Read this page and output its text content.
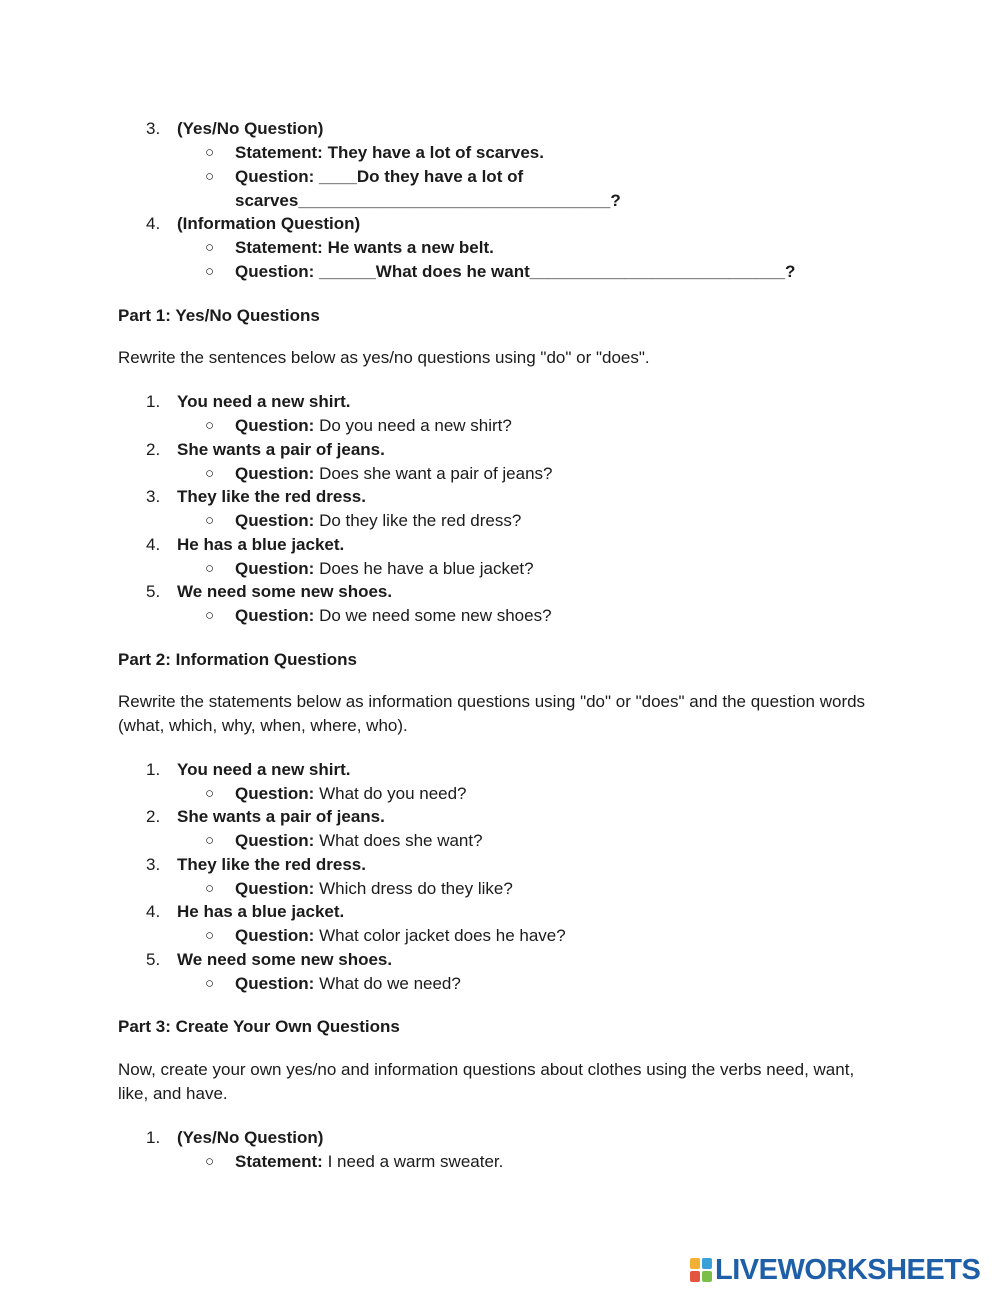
3. (Yes/No Question)
○ Statement: They have a lot of scarves.
○ Question: ____Do they have a lot of
scarves_________________________________?
4. (Information Question)
○ Statement: He wants a new belt.
○ Question: ______What does he want___________________________?
Part 1: Yes/No Questions
Rewrite the sentences below as yes/no questions using "do" or "does".
1. You need a new shirt.
○ Question: Do you need a new shirt?
2. She wants a pair of jeans.
○ Question: Does she want a pair of jeans?
3. They like the red dress.
○ Question: Do they like the red dress?
4. He has a blue jacket.
○ Question: Does he have a blue jacket?
5. We need some new shoes.
○ Question: Do we need some new shoes?
Part 2: Information Questions
Rewrite the statements below as information questions using "do" or "does" and the question words (what, which, why, when, where, who).
1. You need a new shirt.
○ Question: What do you need?
2. She wants a pair of jeans.
○ Question: What does she want?
3. They like the red dress.
○ Question: Which dress do they like?
4. He has a blue jacket.
○ Question: What color jacket does he have?
5. We need some new shoes.
○ Question: What do we need?
Part 3: Create Your Own Questions
Now, create your own yes/no and information questions about clothes using the verbs need, want, like, and have.
1. (Yes/No Question)
○ Statement: I need a warm sweater.
LIVEWORKSHEETS
